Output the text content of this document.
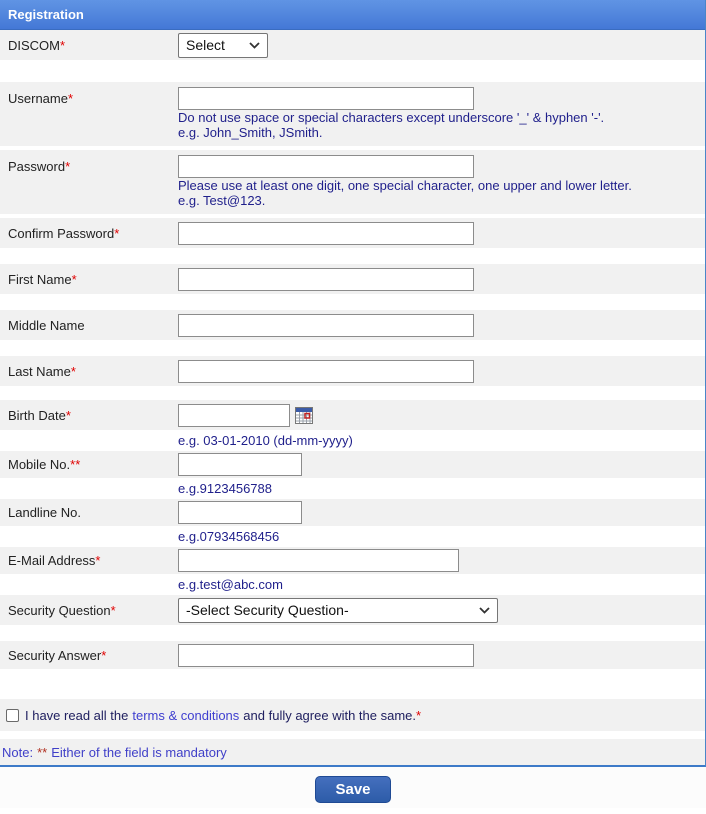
Registration
DISCOM*	Select
Username*
Do not use space or special characters except underscore '_' & hyphen '-'.
e.g. John_Smith, JSmith.
Password*
Please use at least one digit, one special character, one upper and lower letter.
e.g. Test@123.
Confirm Password*
First Name*
Middle Name
Last Name*
Birth Date*
e.g. 03-01-2010 (dd-mm-yyyy)
Mobile No.**
e.g.9123456788
Landline No.
e.g.07934568456
E-Mail Address*
e.g.test@abc.com
Security Question*	-Select Security Question-
Security Answer*
I have read all the terms & conditions and fully agree with the same. *
Note: ** Either of the field is mandatory
Save
